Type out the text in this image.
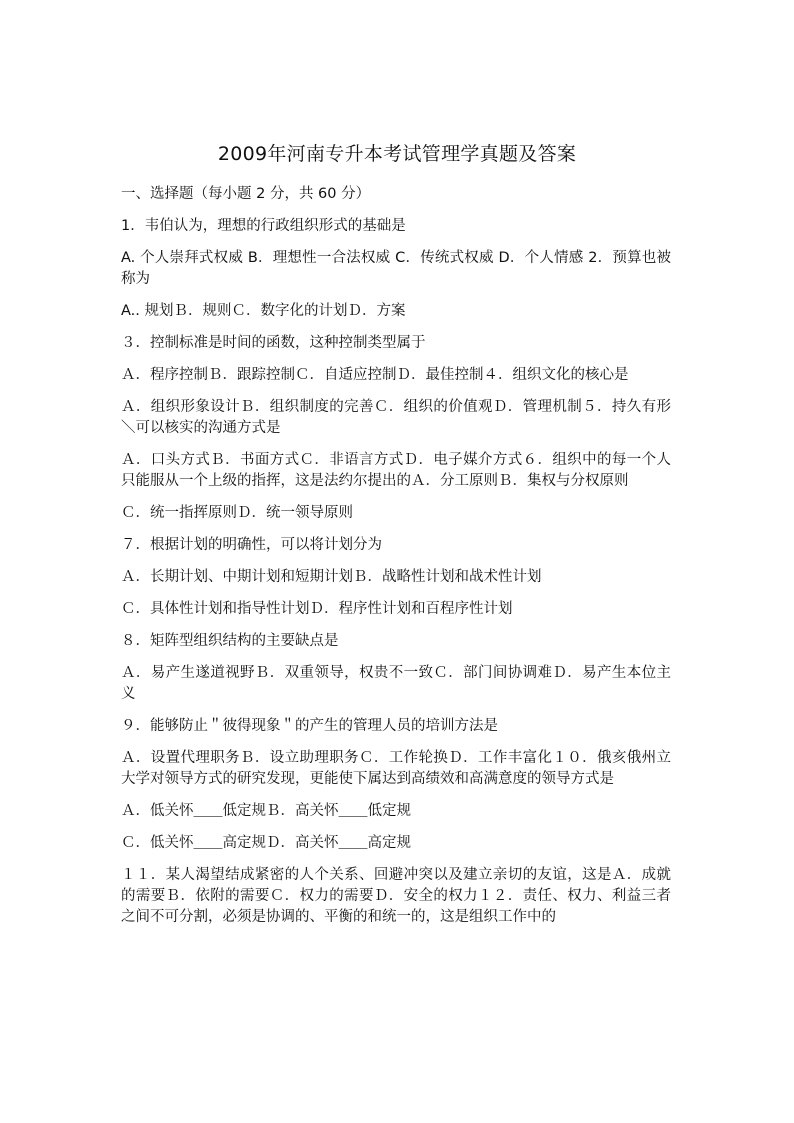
2009年河南专升本考试管理学真题及答案

一、选择题（每小题 2 分，共 60 分）

1．韦伯认为，理想的行政组织形式的基础是

A. 个人崇拜式权威 B．理想性一合法权威 C．传统式权威 D．个人情感 2．预算也被称为

A.. 规划Ｂ．规则Ｃ．数字化的计划Ｄ．方案

３．控制标准是时间的函数，这种控制类型属于

Ａ．程序控制Ｂ．跟踪控制Ｃ．自适应控制Ｄ．最佳控制４．组织文化的核心是

Ａ．组织形象设计Ｂ．组织制度的完善Ｃ．组织的价值观Ｄ．管理机制５．持久有形＼可以核实的沟通方式是

Ａ．口头方式Ｂ．书面方式Ｃ．非语言方式Ｄ．电子媒介方式６．组织中的每一个人只能服从一个上级的指挥，这是法约尔提出的Ａ．分工原则Ｂ．集权与分权原则

Ｃ．统一指挥原则Ｄ．统一领导原则

７．根据计划的明确性，可以将计划分为

Ａ．长期计划、中期计划和短期计划Ｂ．战略性计划和战术性计划

Ｃ．具体性计划和指导性计划Ｄ．程序性计划和百程序性计划

８．矩阵型组织结构的主要缺点是

Ａ．易产生遂道视野Ｂ．双重领导，权贵不一致Ｃ．部门间协调难Ｄ．易产生本位主义

９．能够防止＂彼得现象＂的产生的管理人员的培训方法是

Ａ．设置代理职务Ｂ．设立助理职务Ｃ．工作轮换Ｄ．工作丰富化１０．俄亥俄州立大学对领导方式的研究发现，更能使下属达到高绩效和高满意度的领导方式是

Ａ．低关怀＿＿低定规Ｂ．高关怀＿＿低定规

Ｃ．低关怀＿＿高定规Ｄ．高关怀＿＿高定规

１１．某人渴望结成紧密的人个关系、回避冲突以及建立亲切的友谊，这是Ａ．成就的需要Ｂ．依附的需要Ｃ．权力的需要Ｄ．安全的权力１２．责任、权力、利益三者之间不可分割，必须是协调的、平衡的和统一的，这是组织工作中的
